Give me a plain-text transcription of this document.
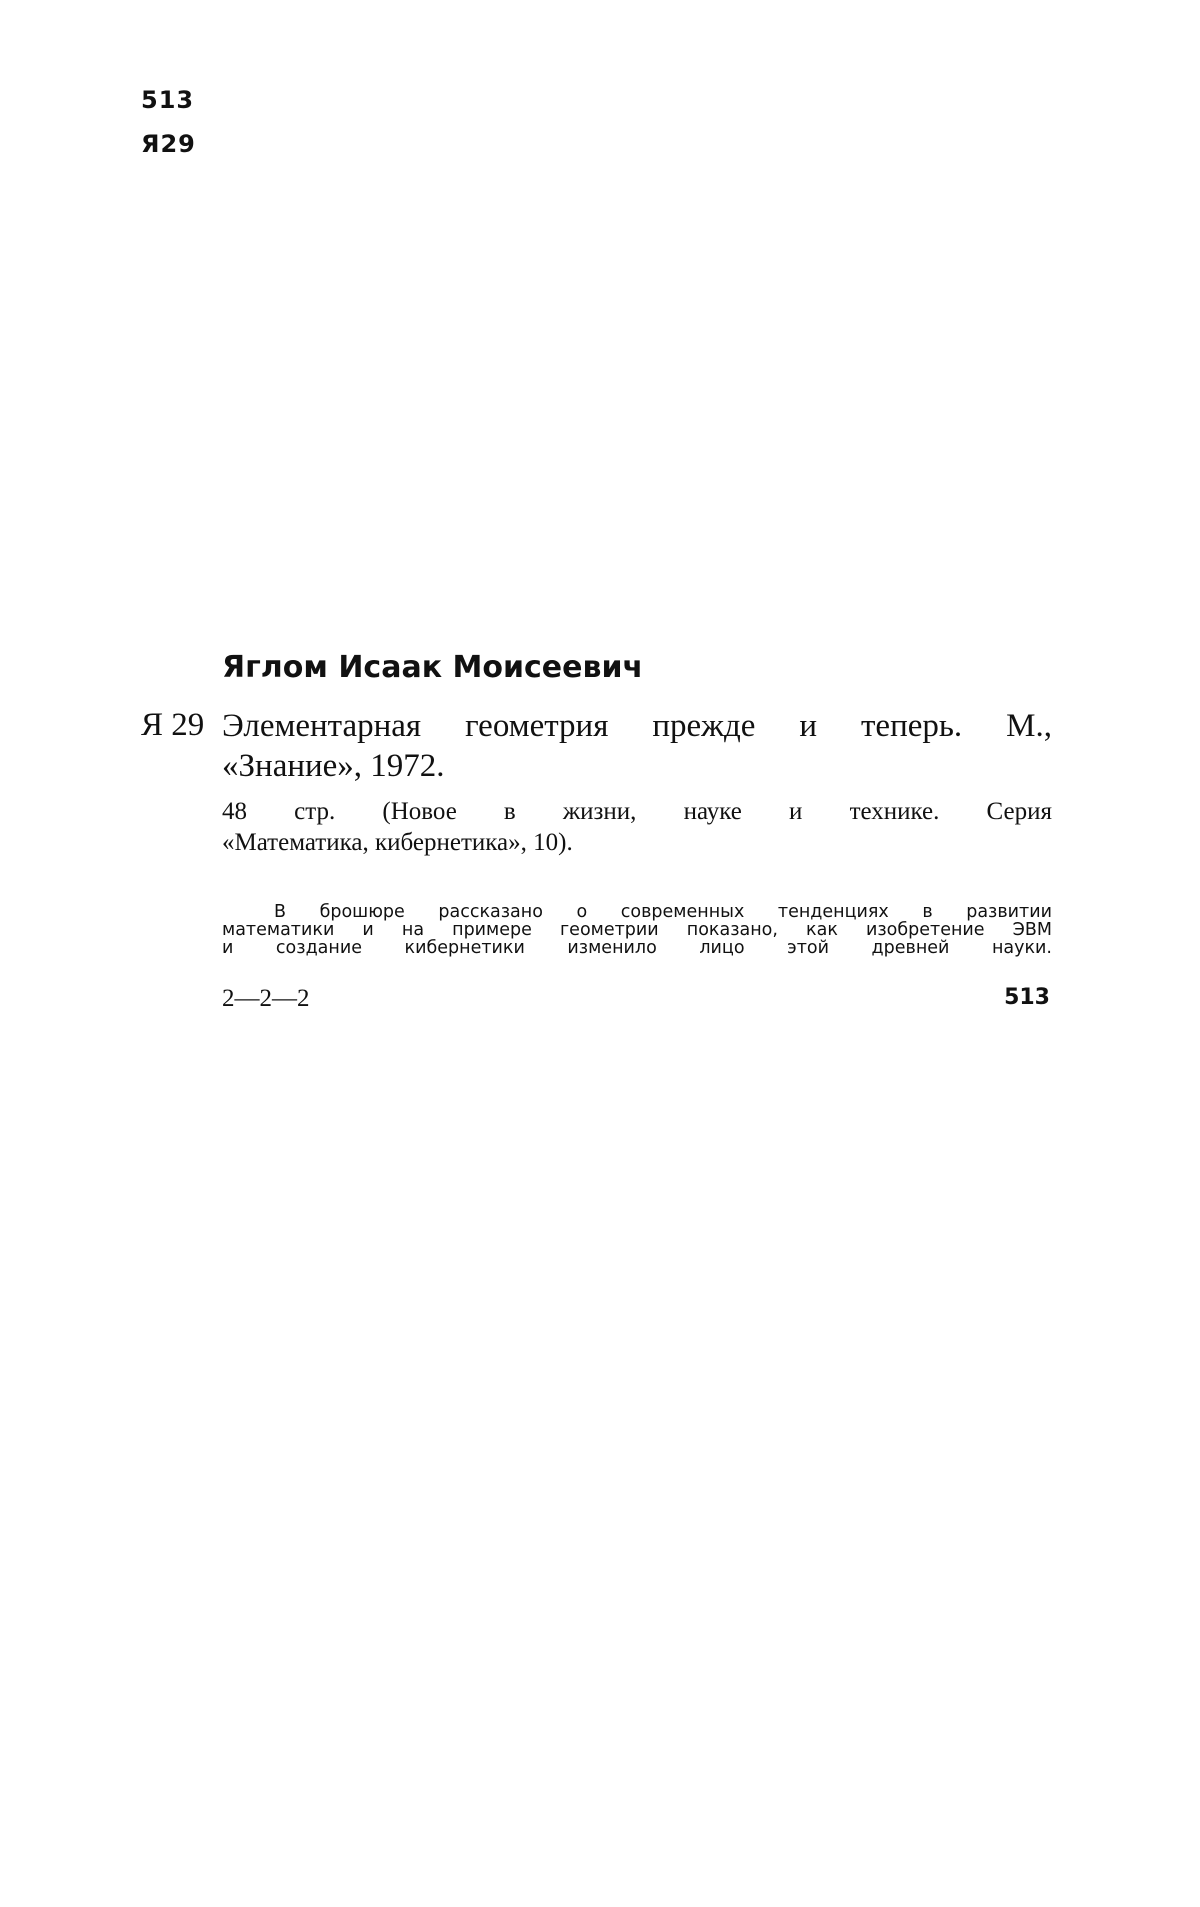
513
Я29
Яглом Исаак Моисеевич
Я 29 Элементарная геометрия прежде и теперь. М.,
«Знание», 1972.
48 стр. (Новое в жизни, науке и технике. Серия
«Математика, кибернетика», 10).
В брошюре рассказано о современных тенденциях в развитии
математики и на примере геометрии показано, как изобретение ЭВМ
и создание кибернетики изменило лицо этой древней науки.
2—2—2	513
